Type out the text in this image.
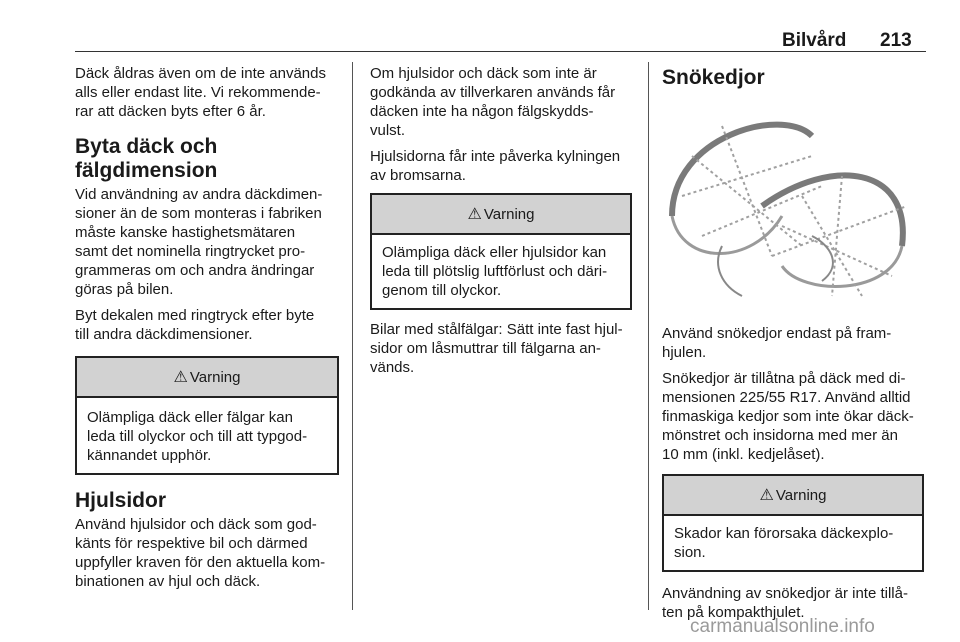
Bilvård 213

Däck åldras även om de inte används
alls eller endast lite. Vi rekommende-
rar att däcken byts efter 6 år.

Byta däck och
fälgdimension

Vid användning av andra däckdimen-
sioner än de som monteras i fabriken
måste kanske hastighetsmätaren
samt det nominella ringtrycket pro-
grammeras om och andra ändringar
göras på bilen.

Byt dekalen med ringtryck efter byte
till andra däckdimensioner.

⚠ Varning
Olämpliga däck eller fälgar kan
leda till olyckor och till att typgod-
kännandet upphör.
Hjulsidor

Använd hjulsidor och däck som god-
känts för respektive bil och därmed
uppfyller kraven för den aktuella kom-
binationen av hjul och däck.

Om hjulsidor och däck som inte är
godkända av tillverkaren används får
däcken inte ha någon fälgskydds-
vulst.

Hjulsidorna får inte påverka kylningen
av bromsarna.

⚠ Varning
Olämpliga däck eller hjulsidor kan
leda till plötslig luftförlust och däri-
genom till olyckor.

Bilar med stålfälgar: Sätt inte fast hjul-
sidor om låsmuttrar till fälgarna an-
vänds.

Snökedjor

Använd snökedjor endast på fram-
hjulen.

Snökedjor är tillåtna på däck med di-
mensionen 225/55 R17. Använd alltid
finmaskiga kedjor som inte ökar däck-
mönstret och insidorna med mer än
10 mm (inkl. kedjelåset).

⚠ Varning
Skador kan förorsaka däckexplo-
sion.

Användning av snökedjor är inte tillå-
ten på kompakthjulet.

carmanualsonline.info
